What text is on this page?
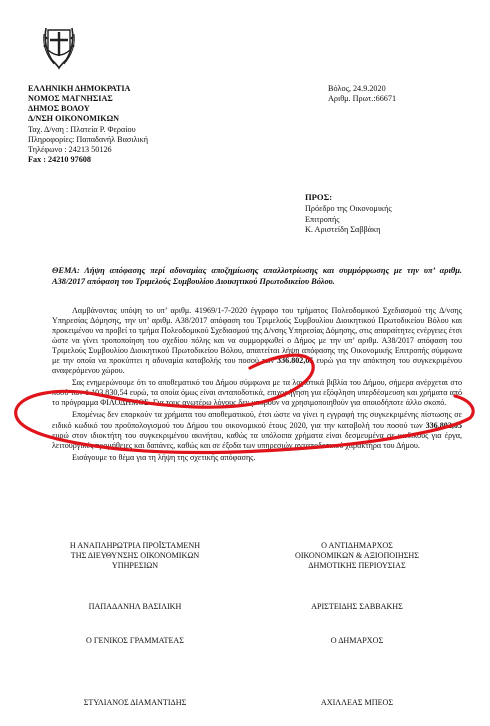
ΕΛΛΗΝΙΚΗ ΔΗΜΟΚΡΑΤΙΑ
ΝΟΜΟΣ ΜΑΓΝΗΣΙΑΣ
ΔΗΜΟΣ ΒΟΛΟΥ
Δ/ΝΣΗ ΟΙΚΟΝΟΜΙΚΩΝ
Ταχ. Δ/νση : Πλατεία Ρ. Φεραίου
Πληροφορίες: Παπαδανήλ Βασιλική
Τηλέφωνο : 24213 50126
Fax : 24210 97608
Βόλος, 24.9.2020
Αριθμ. Πρωτ.:66671
ΠΡΟΣ:
Πρόεδρο της Οικονομικής
Επιτροπής
Κ. Αριστείδη Σαββάκη
ΘΕΜΑ: Λήψη απόφασης περί αδυναμίας αποζημίωσης απαλλοτρίωσης και συμμόρφωσης με την υπ’ αριθμ. Α38/2017 απόφαση του Τριμελούς Συμβουλίου Διοικητικού Πρωτοδικείου Βόλου.

Λαμβάνοντας υπόψη το υπ’ αριθμ. 41969/1-7-2020 έγγραφο του τμήματος Πολεοδομικού Σχεδιασμού της Δ/νσης Υπηρεσίας Δόμησης, την υπ’ αριθμ. Α38/2017 απόφαση του Τριμελούς Συμβουλίου Διοικητικού Πρωτοδικείου Βόλου και προκειμένου να προβεί το τμήμα Πολεοδομικού Σχεδιασμού της Δ/νσης Υπηρεσίας Δόμησης, στις απαραίτητες ενέργειες έτσι ώστε να γίνει τροποποίηση του σχεδίου πόλης και να συμμορφωθεί ο Δήμος με την υπ’ αριθμ. Α38/2017 απόφαση του Τριμελούς Συμβουλίου Διοικητικού Πρωτοδικείου Βόλου, απαιτείται λήψη απόφασης της Οικονομικής Επιτροπής σύμφωνα με την οποία να προκύπτει η αδυναμία καταβολής του ποσού των 336.802,05 ευρώ για την απόκτηση του συγκεκριμένου αναφερόμενου χώρου.

Σας ενημερώνουμε ότι το αποθεματικό του Δήμου σύμφωνα με τα λογιστικά βιβλία του Δήμου, σήμερα ανέρχεται στο ποσό των 1.103.830,54 ευρώ, τα οποία όμως είναι ανταποδοτικά, επιχορήγηση για εξόφληση υπερδέσμευση και χρήματα από το πρόγραμμα ΦΙΛΟΔΗΜΟΣ. Για τους ανωτέρω λόγους δεν μπορούν να χρησιμοποιηθούν για οποιοδήποτε άλλο σκοπό.

Επομένως δεν επαρκούν τα χρήματα του αποθεματικού, έτσι ώστε να γίνει η εγγραφή της συγκεκριμένης πίστωσης σε ειδικό κωδικό του προϋπολογισμού του Δήμου του οικονομικού έτους 2020, για την καταβολή του ποσού των 336.802,05 ευρώ στον ιδιοκτήτη του συγκεκριμένου ακινήτου, καθώς τα υπόλοιπα χρήματα είναι δεσμευμένα σε κωδικούς για έργα, λειτουργικές προμήθειες και δαπάνες, καθώς και σε έξοδα των υπηρεσιών ανταποδοτικού χαρακτήρα του Δήμου.

Εισάγουμε το θέμα για τη λήψη της σχετικής απόφασης.

Η ΑΝΑΠΛΗΡΩΤΡΙΑ ΠΡΟΪΣΤΑΜΕΝΗ
ΤΗΣ ΔΙΕΥΘΥΝΣΗΣ ΟΙΚΟΝΟΜΙΚΩΝ
ΥΠΗΡΕΣΙΩΝ
Ο ΑΝΤΙΔΗΜΑΡΧΟΣ
ΟΙΚΟΝΟΜΙΚΩΝ & ΑΞΙΟΠΟΙΗΣΗΣ
ΔΗΜΟΤΙΚΗΣ ΠΕΡΙΟΥΣΙΑΣ
ΠΑΠΑΔΑΝΗΛ ΒΑΣΙΛΙΚΗ	ΑΡΙΣΤΕΙΔΗΣ ΣΑΒΒΑΚΗΣ
Ο ΓΕΝΙΚΟΣ ΓΡΑΜΜΑΤΕΑΣ	Ο ΔΗΜΑΡΧΟΣ
ΣΤΥΛΙΑΝΟΣ ΔΙΑΜΑΝΤΙΔΗΣ	ΑΧΙΛΛΕΑΣ ΜΠΕΟΣ
